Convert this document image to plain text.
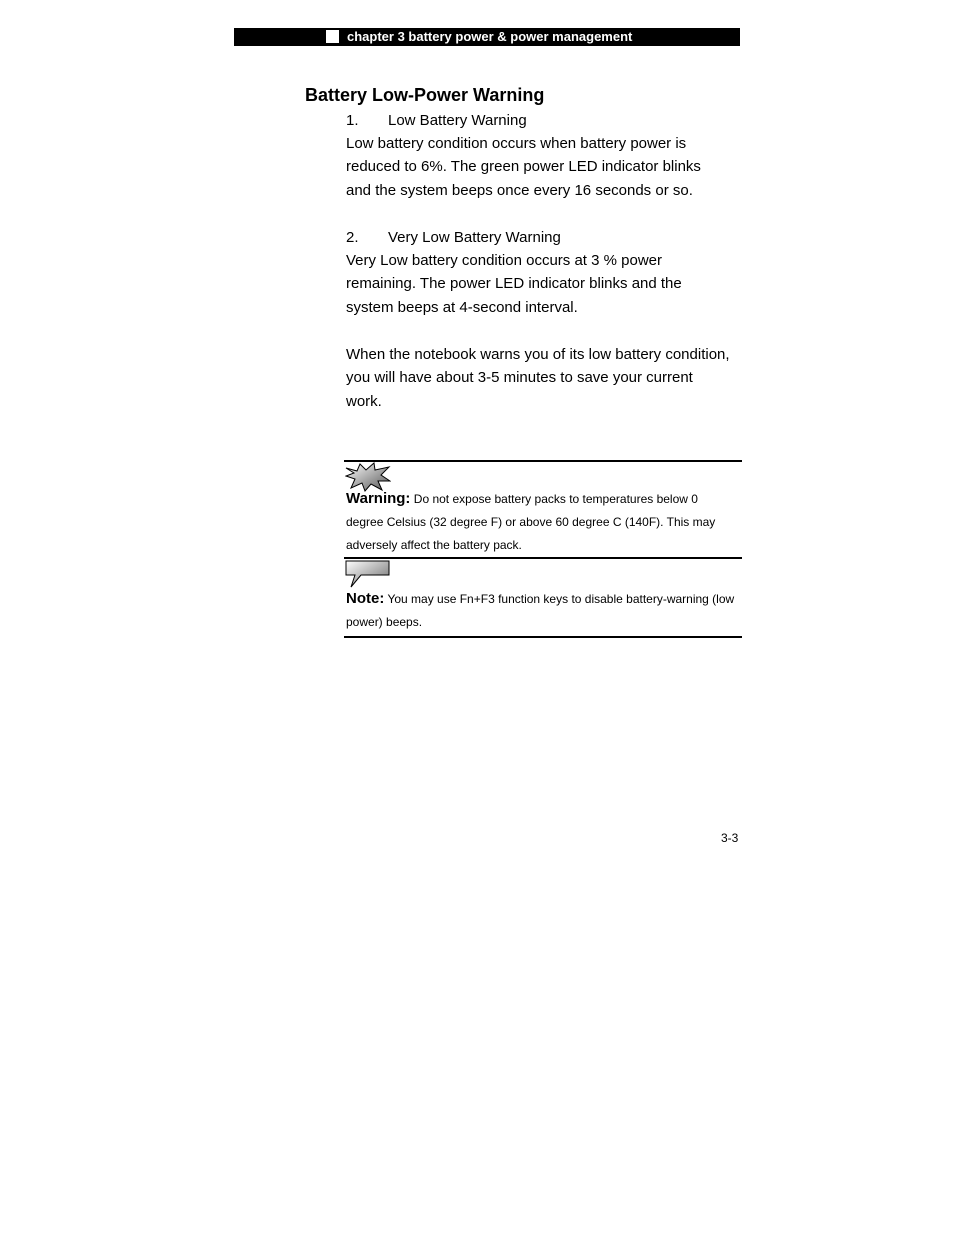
chapter 3 battery power & power management
Battery Low-Power Warning
1. Low Battery Warning
Low battery condition occurs when battery power is
reduced to 6%. The green power LED indicator blinks
and the system beeps once every 16 seconds or so.
2. Very Low Battery Warning
Very Low battery condition occurs at 3 % power
remaining. The power LED indicator blinks and the
system beeps at 4-second interval.
When the notebook warns you of its low battery condition,
you will have about 3-5 minutes to save your current
work.
Warning: Do not expose battery packs to temperatures below 0 degree Celsius (32 degree F) or above 60 degree C (140F). This may adversely affect the battery pack.
Note: You may use Fn+F3 function keys to disable battery-warning (low power) beeps.
3-3
